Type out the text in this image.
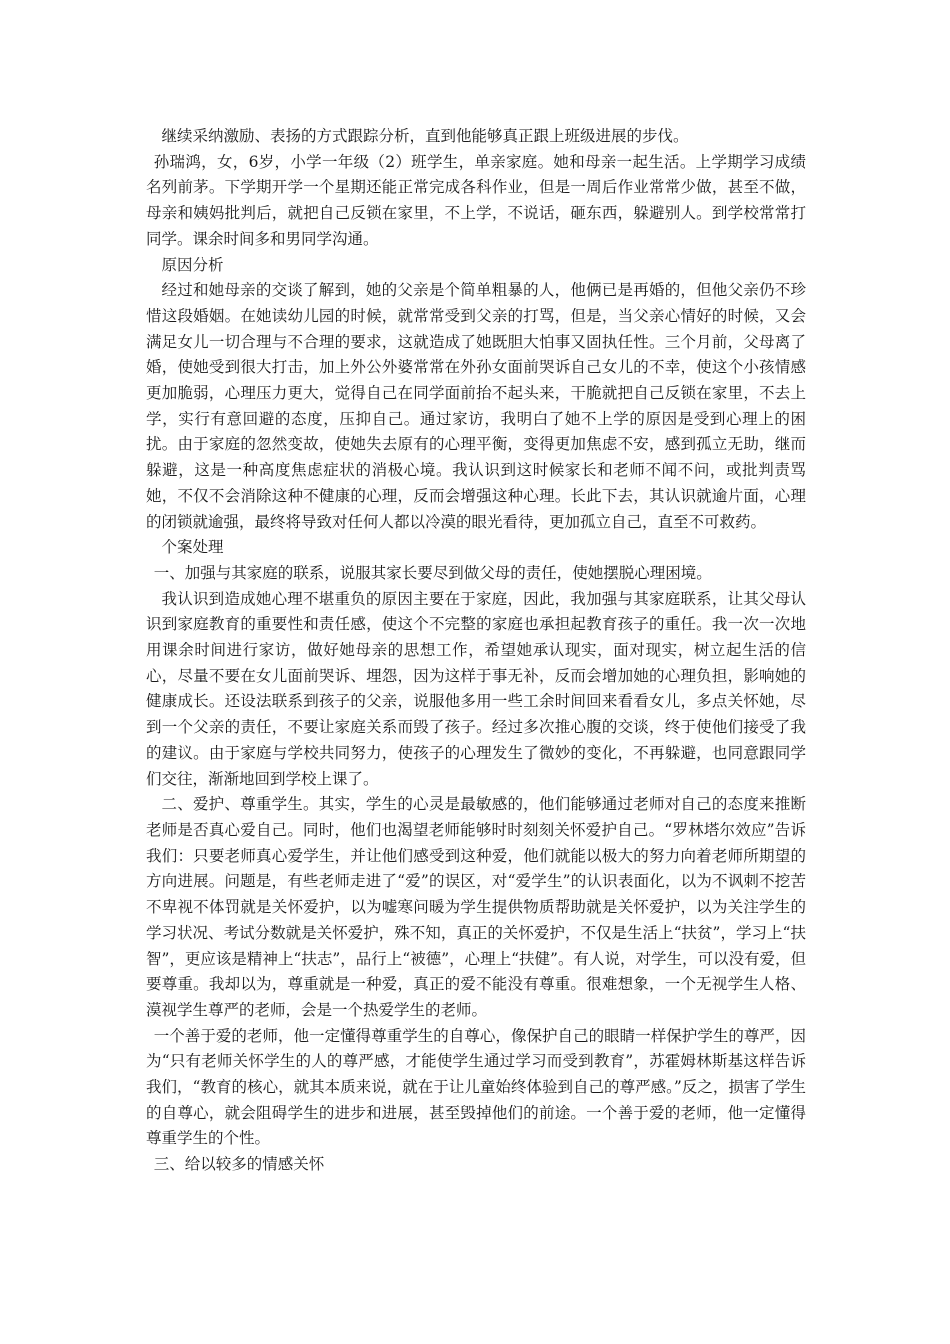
继续采纳激励、表扬的方式跟踪分析，直到他能够真正跟上班级进展的步伐。

孙瑞鸿，女，6岁，小学一年级（2）班学生，单亲家庭。她和母亲一起生活。上学期学习成绩名列前茅。下学期开学一个星期还能正常完成各科作业，但是一周后作业常常少做，甚至不做，母亲和姨妈批判后，就把自己反锁在家里，不上学，不说话，砸东西，躲避别人。到学校常常打同学。课余时间多和男同学沟通。

原因分析

经过和她母亲的交谈了解到，她的父亲是个简单粗暴的人，他俩已是再婚的，但他父亲仍不珍惜这段婚姻。在她读幼儿园的时候，就常常受到父亲的打骂，但是，当父亲心情好的时候，又会满足女儿一切合理与不合理的要求，这就造成了她既胆大怕事又固执任性。三个月前，父母离了婚，使她受到很大打击，加上外公外婆常常在外孙女面前哭诉自己女儿的不幸，使这个小孩情感更加脆弱，心理压力更大，觉得自己在同学面前抬不起头来，干脆就把自己反锁在家里，不去上学，实行有意回避的态度，压抑自己。通过家访，我明白了她不上学的原因是受到心理上的困扰。由于家庭的忽然变故，使她失去原有的心理平衡，变得更加焦虑不安，感到孤立无助，继而躲避，这是一种高度焦虑症状的消极心境。我认识到这时候家长和老师不闻不问，或批判责骂她，不仅不会消除这种不健康的心理，反而会增强这种心理。长此下去，其认识就逾片面，心理的闭锁就逾强，最终将导致对任何人都以冷漠的眼光看待，更加孤立自己，直至不可救药。

个案处理

一、加强与其家庭的联系，说服其家长要尽到做父母的责任，使她摆脱心理困境。

我认识到造成她心理不堪重负的原因主要在于家庭，因此，我加强与其家庭联系，让其父母认识到家庭教育的重要性和责任感，使这个不完整的家庭也承担起教育孩子的重任。我一次一次地用课余时间进行家访，做好她母亲的思想工作，希望她承认现实，面对现实，树立起生活的信心，尽量不要在女儿面前哭诉、埋怨，因为这样于事无补，反而会增加她的心理负担，影响她的健康成长。还设法联系到孩子的父亲，说服他多用一些工余时间回来看看女儿，多点关怀她，尽到一个父亲的责任，不要让家庭关系而毁了孩子。经过多次推心腹的交谈，终于使他们接受了我的建议。由于家庭与学校共同努力，使孩子的心理发生了微妙的变化，不再躲避，也同意跟同学们交往，渐渐地回到学校上课了。

二、爱护、尊重学生。其实，学生的心灵是最敏感的，他们能够通过老师对自己的态度来推断老师是否真心爱自己。同时，他们也渴望老师能够时时刻刻关怀爱护自己。“罗林塔尔效应”告诉我们：只要老师真心爱学生，并让他们感受到这种爱，他们就能以极大的努力向着老师所期望的方向进展。问题是，有些老师走进了“爱”的误区，对“爱学生”的认识表面化，以为不讽刺不挖苦不卑视不体罚就是关怀爱护，以为嘘寒问暖为学生提供物质帮助就是关怀爱护，以为关注学生的学习状况、考试分数就是关怀爱护，殊不知，真正的关怀爱护，不仅是生活上“扶贫”，学习上“扶智”，更应该是精神上“扶志”，品行上“被德”，心理上“扶健”。有人说，对学生，可以没有爱，但要尊重。我却以为，尊重就是一种爱，真正的爱不能没有尊重。很难想象，一个无视学生人格、漠视学生尊严的老师，会是一个热爱学生的老师。

一个善于爱的老师，他一定懂得尊重学生的自尊心，像保护自己的眼睛一样保护学生的尊严，因为“只有老师关怀学生的人的尊严感，才能使学生通过学习而受到教育”，苏霍姆林斯基这样告诉我们，“教育的核心，就其本质来说，就在于让儿童始终体验到自己的尊严感。”反之，损害了学生的自尊心，就会阻碍学生的进步和进展，甚至毁掉他们的前途。一个善于爱的老师，他一定懂得尊重学生的个性。

三、给以较多的情感关怀
